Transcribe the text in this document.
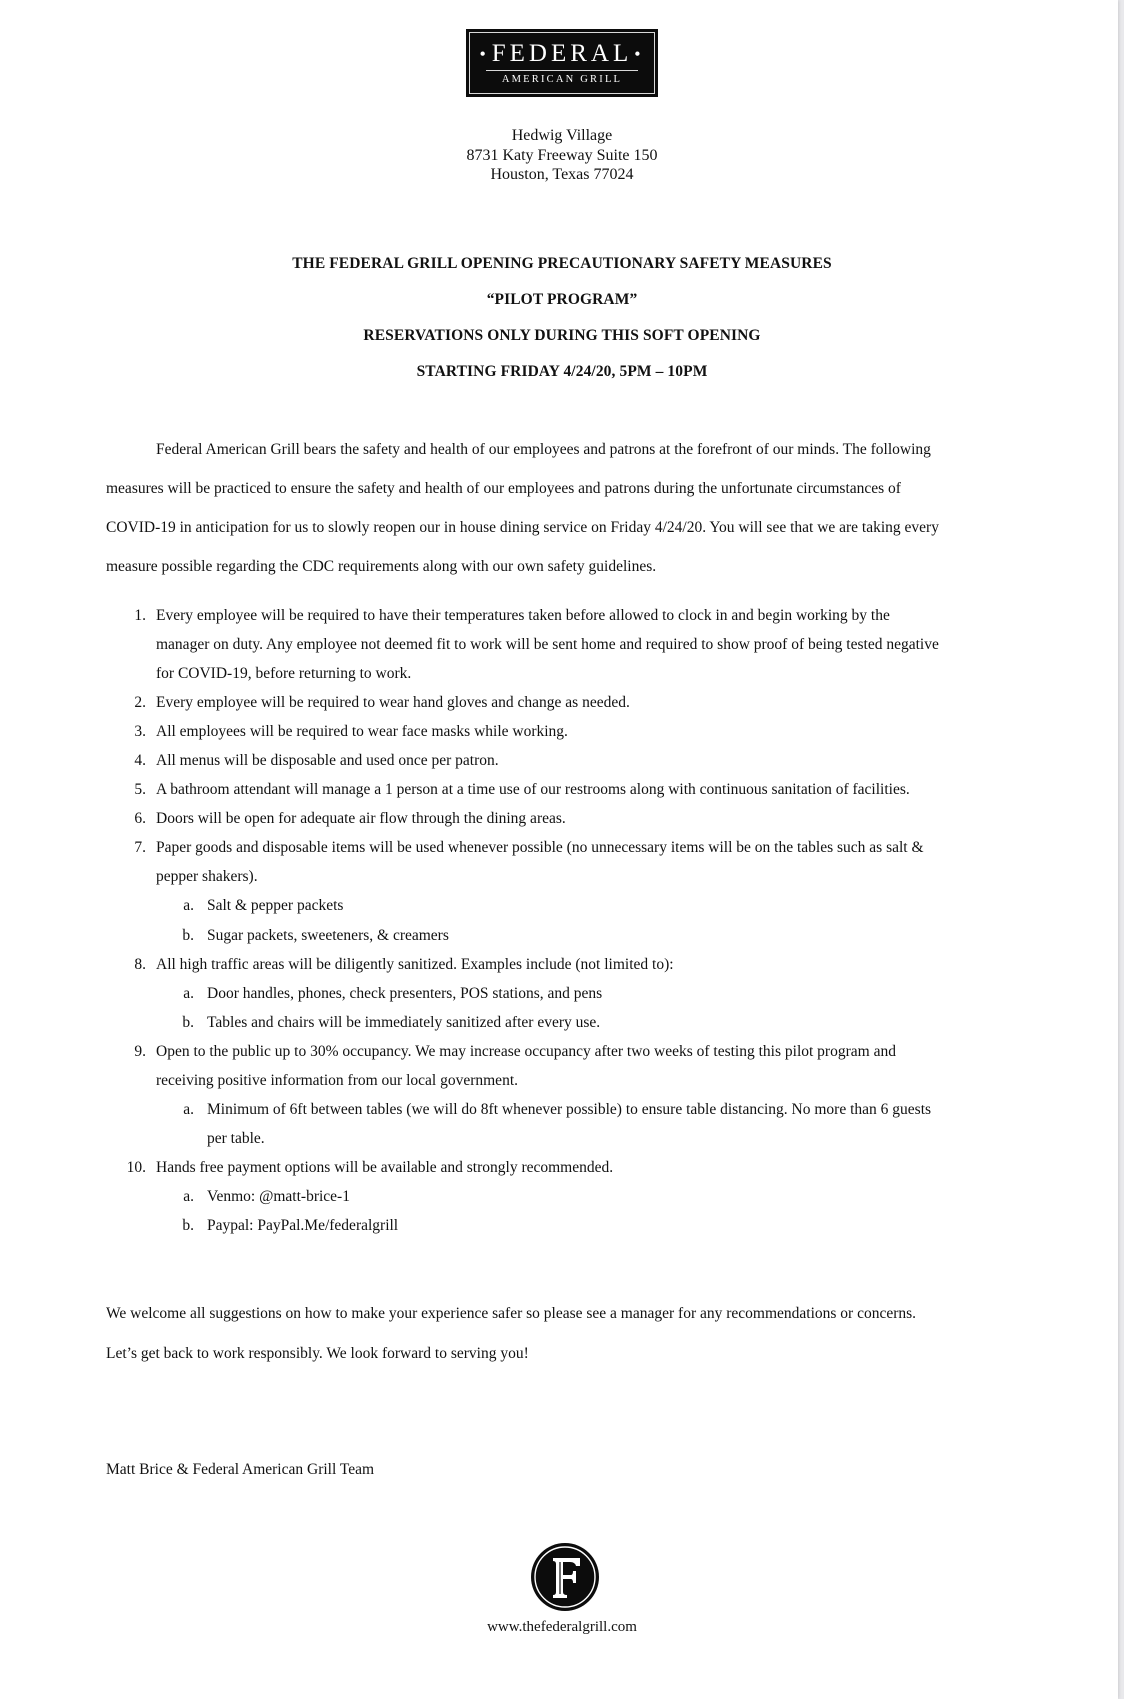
• FEDERAL •
AMERICAN GRILL
Hedwig Village
8731 Katy Freeway Suite 150
Houston, Texas 77024
THE FEDERAL GRILL OPENING PRECAUTIONARY SAFETY MEASURES
“PILOT PROGRAM”
RESERVATIONS ONLY DURING THIS SOFT OPENING
STARTING FRIDAY 4/24/20, 5PM – 10PM
Federal American Grill bears the safety and health of our employees and patrons at the forefront of our minds. The following
measures will be practiced to ensure the safety and health of our employees and patrons during the unfortunate circumstances of
COVID-19 in anticipation for us to slowly reopen our in house dining service on Friday 4/24/20. You will see that we are taking every
measure possible regarding the CDC requirements along with our own safety guidelines.
1. Every employee will be required to have their temperatures taken before allowed to clock in and begin working by the
manager on duty. Any employee not deemed fit to work will be sent home and required to show proof of being tested negative
for COVID-19, before returning to work.
2. Every employee will be required to wear hand gloves and change as needed.
3. All employees will be required to wear face masks while working.
4. All menus will be disposable and used once per patron.
5. A bathroom attendant will manage a 1 person at a time use of our restrooms along with continuous sanitation of facilities.
6. Doors will be open for adequate air flow through the dining areas.
7. Paper goods and disposable items will be used whenever possible (no unnecessary items will be on the tables such as salt &
pepper shakers).
a. Salt & pepper packets
b. Sugar packets, sweeteners, & creamers
8. All high traffic areas will be diligently sanitized. Examples include (not limited to):
a. Door handles, phones, check presenters, POS stations, and pens
b. Tables and chairs will be immediately sanitized after every use.
9. Open to the public up to 30% occupancy. We may increase occupancy after two weeks of testing this pilot program and
receiving positive information from our local government.
a. Minimum of 6ft between tables (we will do 8ft whenever possible) to ensure table distancing. No more than 6 guests
per table.
10. Hands free payment options will be available and strongly recommended.
a. Venmo: @matt-brice-1
b. Paypal: PayPal.Me/federalgrill
We welcome all suggestions on how to make your experience safer so please see a manager for any recommendations or concerns.
Let’s get back to work responsibly. We look forward to serving you!
Matt Brice & Federal American Grill Team
www.thefederalgrill.com
